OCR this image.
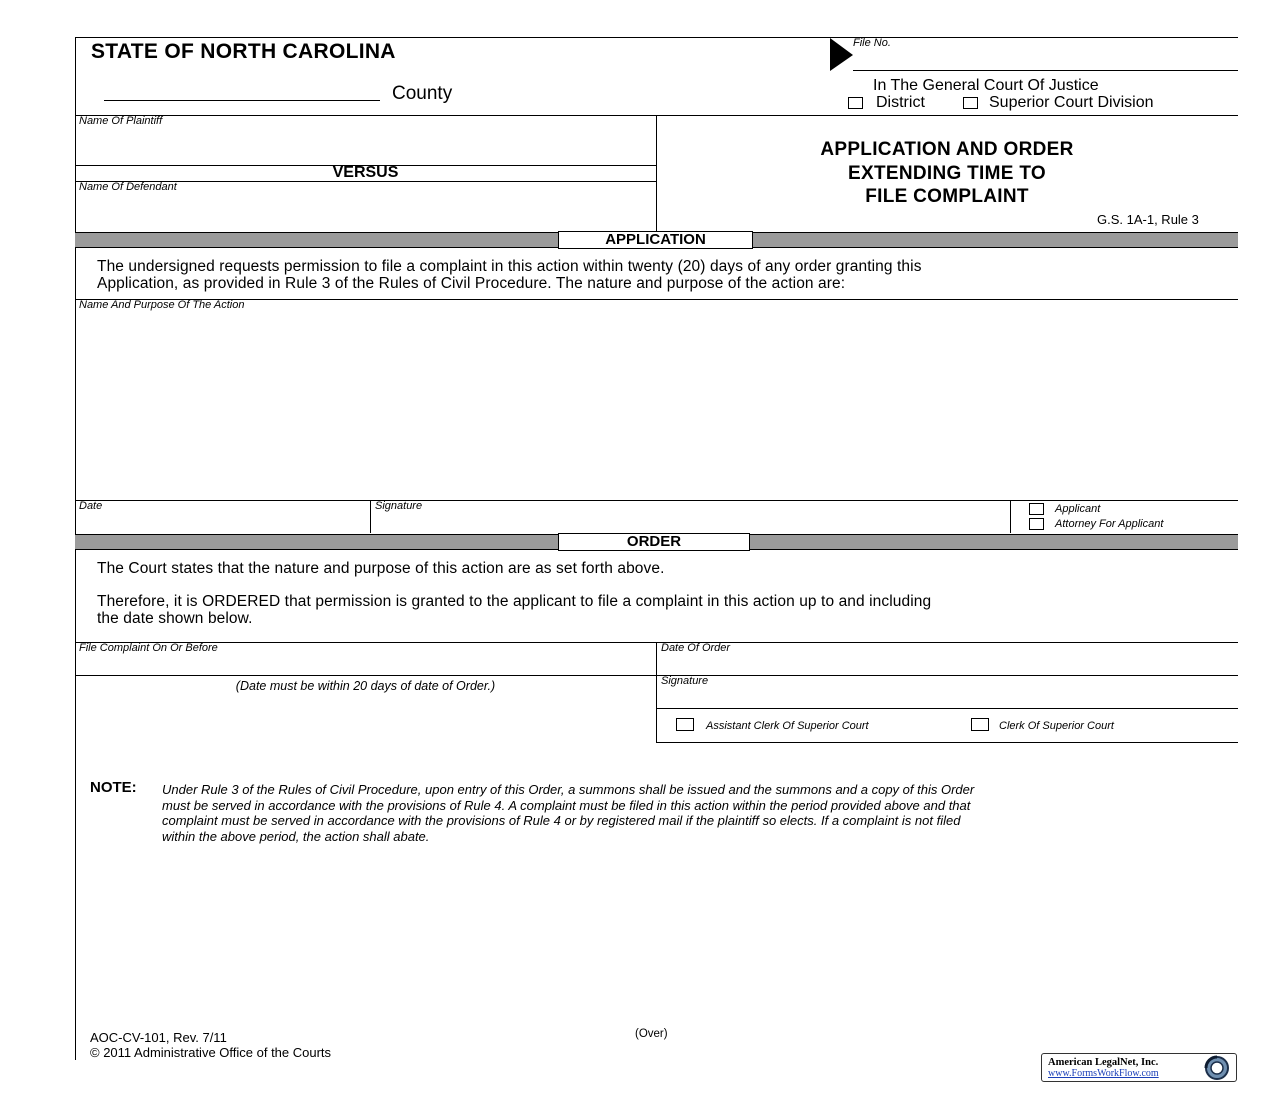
STATE OF NORTH CAROLINA
County
File No.
In The General Court Of Justice
District	Superior Court Division
Name Of Plaintiff
VERSUS
Name Of Defendant
APPLICATION AND ORDER
EXTENDING TIME TO
FILE COMPLAINT
G.S. 1A-1, Rule 3
APPLICATION
The undersigned requests permission to file a complaint in this action within twenty (20) days of any order granting this
Application, as provided in Rule 3 of the Rules of Civil Procedure. The nature and purpose of the action are:
Name And Purpose Of The Action
Date	Signature	Applicant
Attorney For Applicant
ORDER
The Court states that the nature and purpose of this action are as set forth above.
Therefore, it is ORDERED that permission is granted to the applicant to file a complaint in this action up to and including
the date shown below.
File Complaint On Or Before	Date Of Order
(Date must be within 20 days of date of Order.)	Signature
Assistant Clerk Of Superior Court	Clerk Of Superior Court
NOTE: Under Rule 3 of the Rules of Civil Procedure, upon entry of this Order, a summons shall be issued and the summons and a copy of this Order
must be served in accordance with the provisions of Rule 4. A complaint must be filed in this action within the period provided above and that
complaint must be served in accordance with the provisions of Rule 4 or by registered mail if the plaintiff so elects. If a complaint is not filed
within the above period, the action shall abate.
AOC-CV-101, Rev. 7/11
© 2011 Administrative Office of the Courts
(Over)
American LegalNet, Inc.
www.FormsWorkFlow.com
